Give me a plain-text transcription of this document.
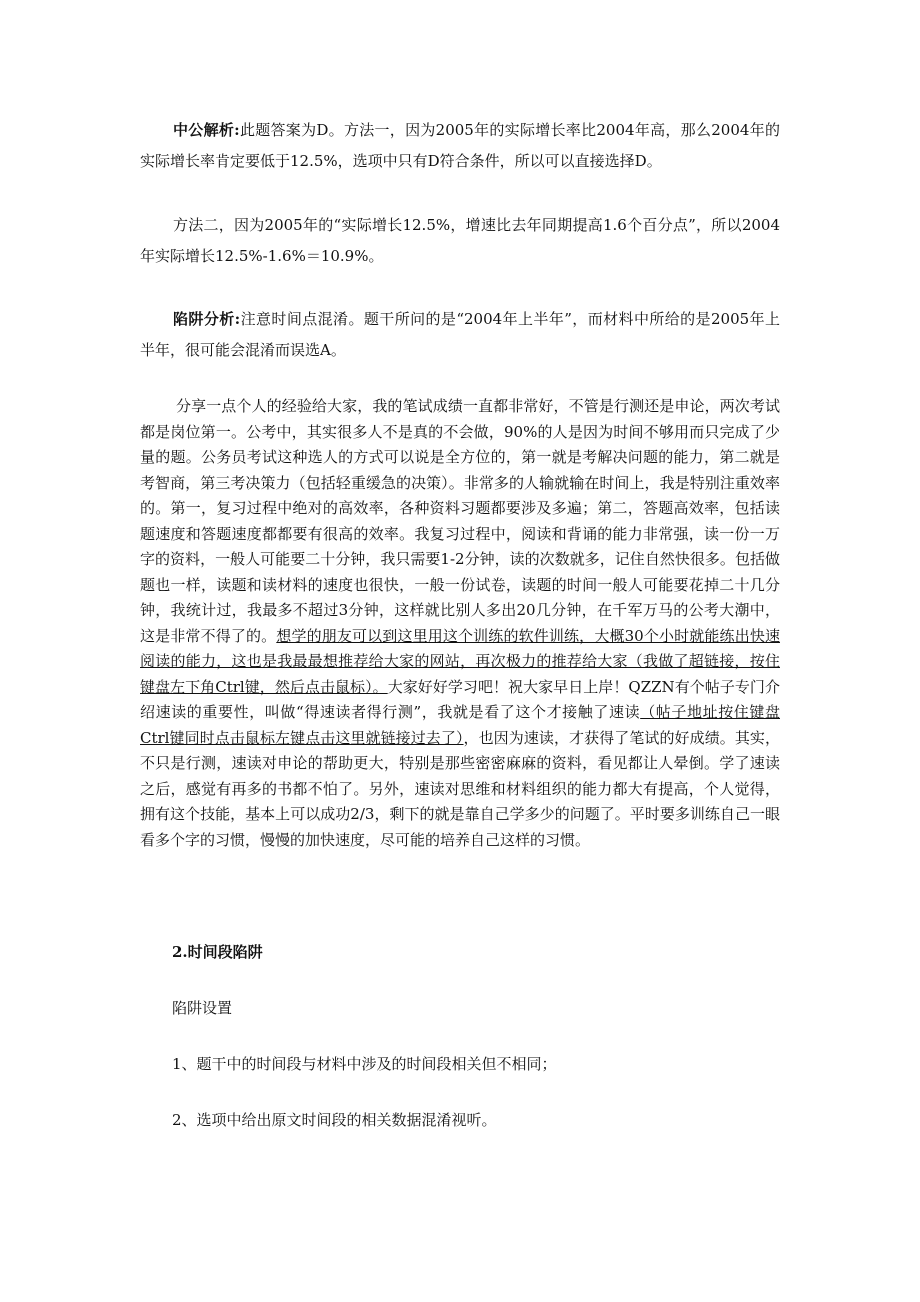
中公解析:此题答案为D。方法一，因为2005年的实际增长率比2004年高，那么2004年的实际增长率肯定要低于12.5%，选项中只有D符合条件，所以可以直接选择D。

方法二，因为2005年的“实际增长12.5%，增速比去年同期提高1.6个百分点”，所以2004年实际增长12.5%-1.6%＝10.9%。

陷阱分析:注意时间点混淆。题干所问的是“2004年上半年”，而材料中所给的是2005年上半年，很可能会混淆而误选A。

分享一点个人的经验给大家，我的笔试成绩一直都非常好，不管是行测还是申论，两次考试都是岗位第一。公考中，其实很多人不是真的不会做，90%的人是因为时间不够用而只完成了少量的题。公务员考试这种选人的方式可以说是全方位的，第一就是考解决问题的能力，第二就是考智商，第三考决策力（包括轻重缓急的决策）。非常多的人输就输在时间上，我是特别注重效率的。第一，复习过程中绝对的高效率，各种资料习题都要涉及多遍；第二，答题高效率，包括读题速度和答题速度都都要有很高的效率。我复习过程中，阅读和背诵的能力非常强，读一份一万字的资料，一般人可能要二十分钟，我只需要1-2分钟，读的次数就多，记住自然快很多。包括做题也一样，读题和读材料的速度也很快，一般一份试卷，读题的时间一般人可能要花掉二十几分钟，我统计过，我最多不超过3分钟，这样就比别人多出20几分钟，在千军万马的公考大潮中，这是非常不得了的。想学的朋友可以到这里用这个训练的软件训练，大概30个小时就能练出快速阅读的能力，这也是我最最想推荐给大家的网站，再次极力的推荐给大家（我做了超链接，按住键盘左下角Ctrl键，然后点击鼠标）。大家好好学习吧！祝大家早日上岸！QZZN有个帖子专门介绍速读的重要性，叫做“得速读者得行测”，我就是看了这个才接触了速读（帖子地址按住键盘Ctrl键同时点击鼠标左键点击这里就链接过去了），也因为速读，才获得了笔试的好成绩。其实，不只是行测，速读对申论的帮助更大，特别是那些密密麻麻的资料，看见都让人晕倒。学了速读之后，感觉有再多的书都不怕了。另外，速读对思维和材料组织的能力都大有提高，个人觉得，拥有这个技能，基本上可以成功2/3，剩下的就是靠自己学多少的问题了。平时要多训练自己一眼看多个字的习惯，慢慢的加快速度，尽可能的培养自己这样的习惯。

2.时间段陷阱

陷阱设置

1、题干中的时间段与材料中涉及的时间段相关但不相同；

2、选项中给出原文时间段的相关数据混淆视听。
